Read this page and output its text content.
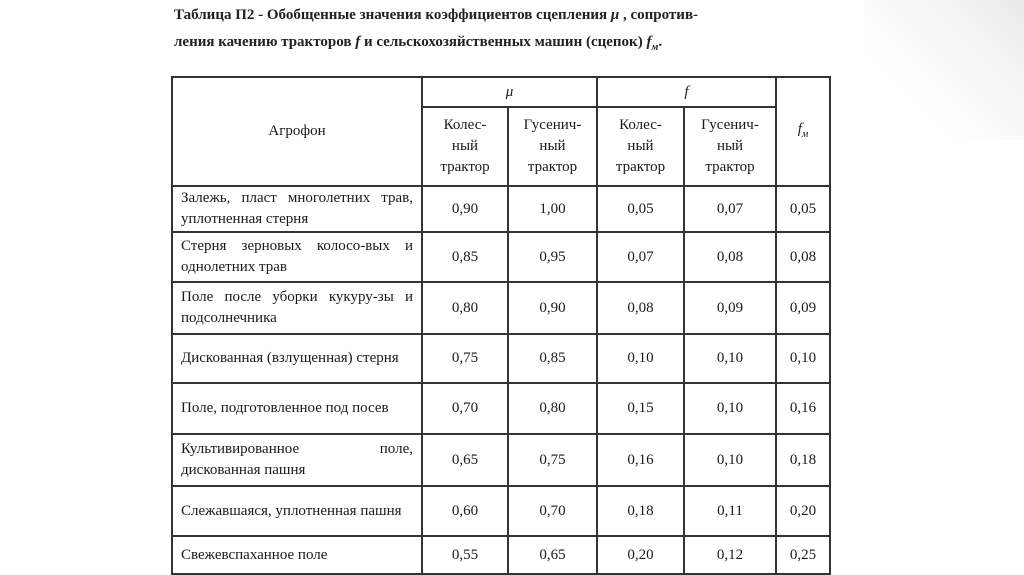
Таблица П2 - Обобщенные значения коэффициентов сцепления μ , сопротив-
ления качению тракторов f и сельскохозяйственных машин (сцепок) $f_м$.
Агрофон	μ		f		$f_м$
	Колес-
ный
трактор	Гусенич-
ный
трактор	Колес-
ный
трактор	Гусенич-
ный
трактор	
Залежь, пласт многолетних трав, уплотненная стерня	0,90	1,00	0,05	0,07	0,05
Стерня зерновых колосо-вых и однолетних трав	0,85	0,95	0,07	0,08	0,08
Поле после уборки кукуру-зы и подсолнечника	0,80	0,90	0,08	0,09	0,09
Дискованная (взлущенная) стерня	0,75	0,85	0,10	0,10	0,10
Поле, подготовленное под посев	0,70	0,80	0,15	0,10	0,16
Культивированное поле, дискованная пашня	0,65	0,75	0,16	0,10	0,18
Слежавшаяся, уплотненная пашня	0,60	0,70	0,18	0,11	0,20
Свежевспаханное поле	0,55	0,65	0,20	0,12	0,25
